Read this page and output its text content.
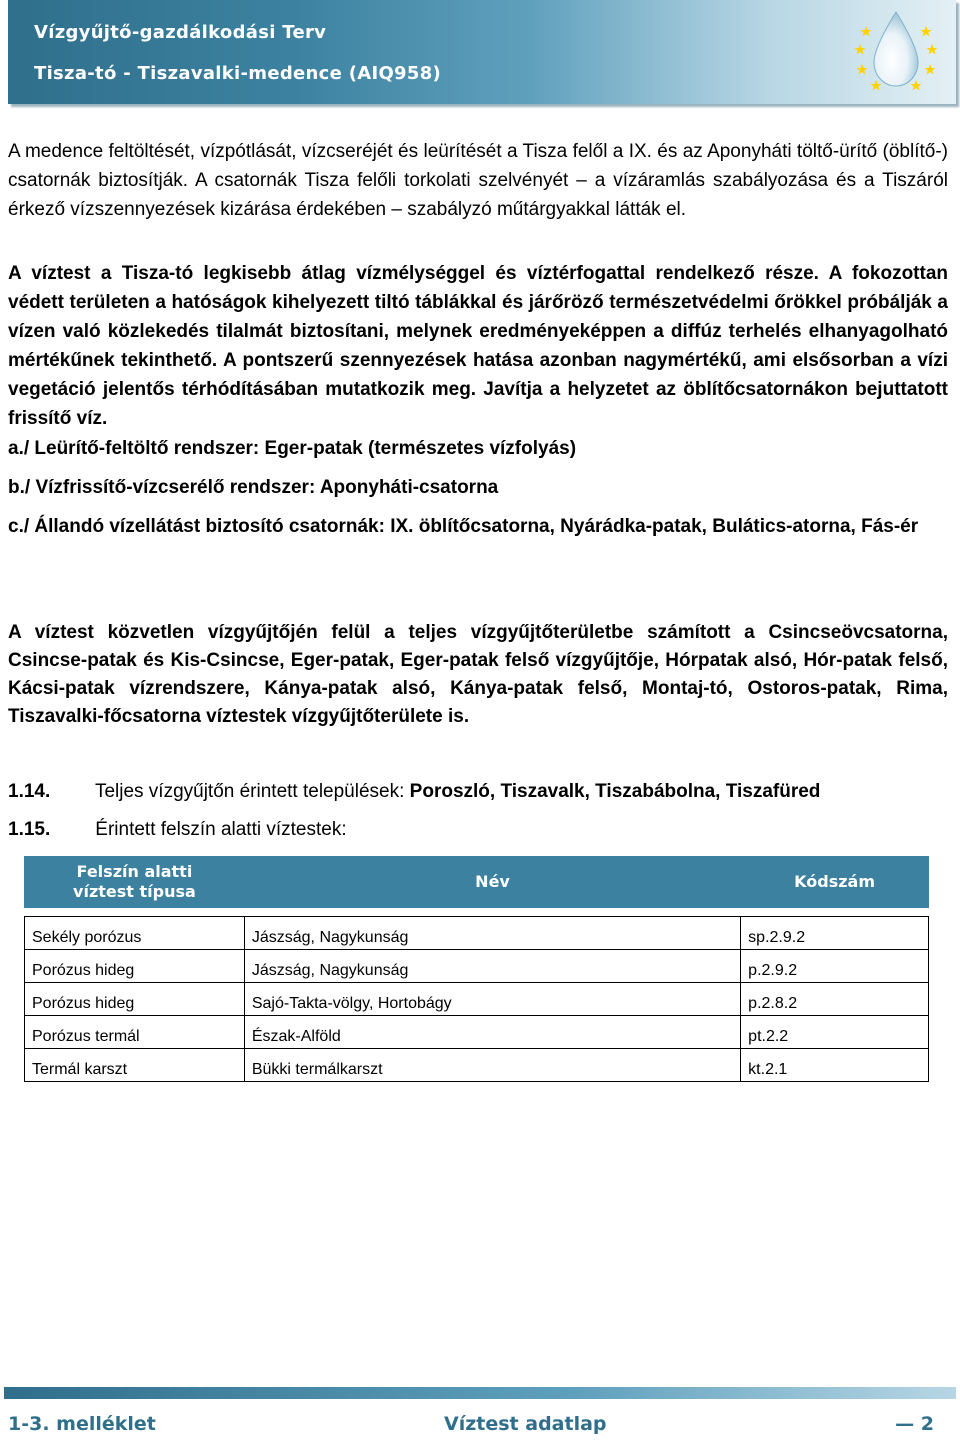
Vízgyűjtő-gazdálkodási Terv
Tisza-tó - Tiszavalki-medence (AIQ958)
A medence feltöltését, vízpótlását, vízcseréjét és leürítését a Tisza felől a IX. és az Aponyháti töltő-ürítő (öblítő-) csatornák biztosítják. A csatornák Tisza felőli torkolati szelvényét – a vízáramlás szabályozása és a Tiszáról érkező vízszennyezések kizárása érdekében – szabályzó műtárgyakkal látták el.
A víztest a Tisza-tó legkisebb átlag vízmélységgel és víztérfogattal rendelkező része. A fokozottan védett területen a hatóságok kihelyezett tiltó táblákkal és járőröző természetvédelmi őrökkel próbálják a vízen való közlekedés tilalmát biztosítani, melynek eredményeképpen a diffúz terhelés elhanyagolható mértékűnek tekinthető. A pontszerű szennyezések hatása azonban nagymértékű, ami elsősorban a vízi vegetáció jelentős térhódításában mutatkozik meg. Javítja a helyzetet az öblítőcsatornákon bejuttatott frissítő víz.
a./ Leürítő-feltöltő rendszer: Eger-patak (természetes vízfolyás)
b./ Vízfrissítő-vízcserélő rendszer: Aponyháti-csatorna
c./ Állandó vízellátást biztosító csatornák: IX. öblítőcsatorna, Nyárádka-patak, Bulátics-atorna, Fás-ér
A víztest közvetlen vízgyűjtőjén felül a teljes vízgyűjtőterületbe számított a Csincseövcsatorna, Csincse-patak és Kis-Csincse, Eger-patak, Eger-patak felső vízgyűjtője, Hórpatak alsó, Hór-patak felső, Kácsi-patak vízrendszere, Kánya-patak alsó, Kánya-patak felső, Montaj-tó, Ostoros-patak, Rima, Tiszavalki-főcsatorna víztestek vízgyűjtőterülete is.
1.14. Teljes vízgyűjtőn érintett települések: Poroszló, Tiszavalk, Tiszabábolna, Tiszafüred
1.15. Érintett felszín alatti víztestek:
Felszín alatti víztest típusa	Név	Kódszám

Sekély porózus	Jászság, Nagykunság	sp.2.9.2
Porózus hideg	Jászság, Nagykunság	p.2.9.2
Porózus hideg	Sajó-Takta-völgy, Hortobágy	p.2.8.2
Porózus termál	Észak-Alföld	pt.2.2
Termál karszt	Bükki termálkarszt	kt.2.1
1-3. melléklet	Víztest adatlap	— 2
